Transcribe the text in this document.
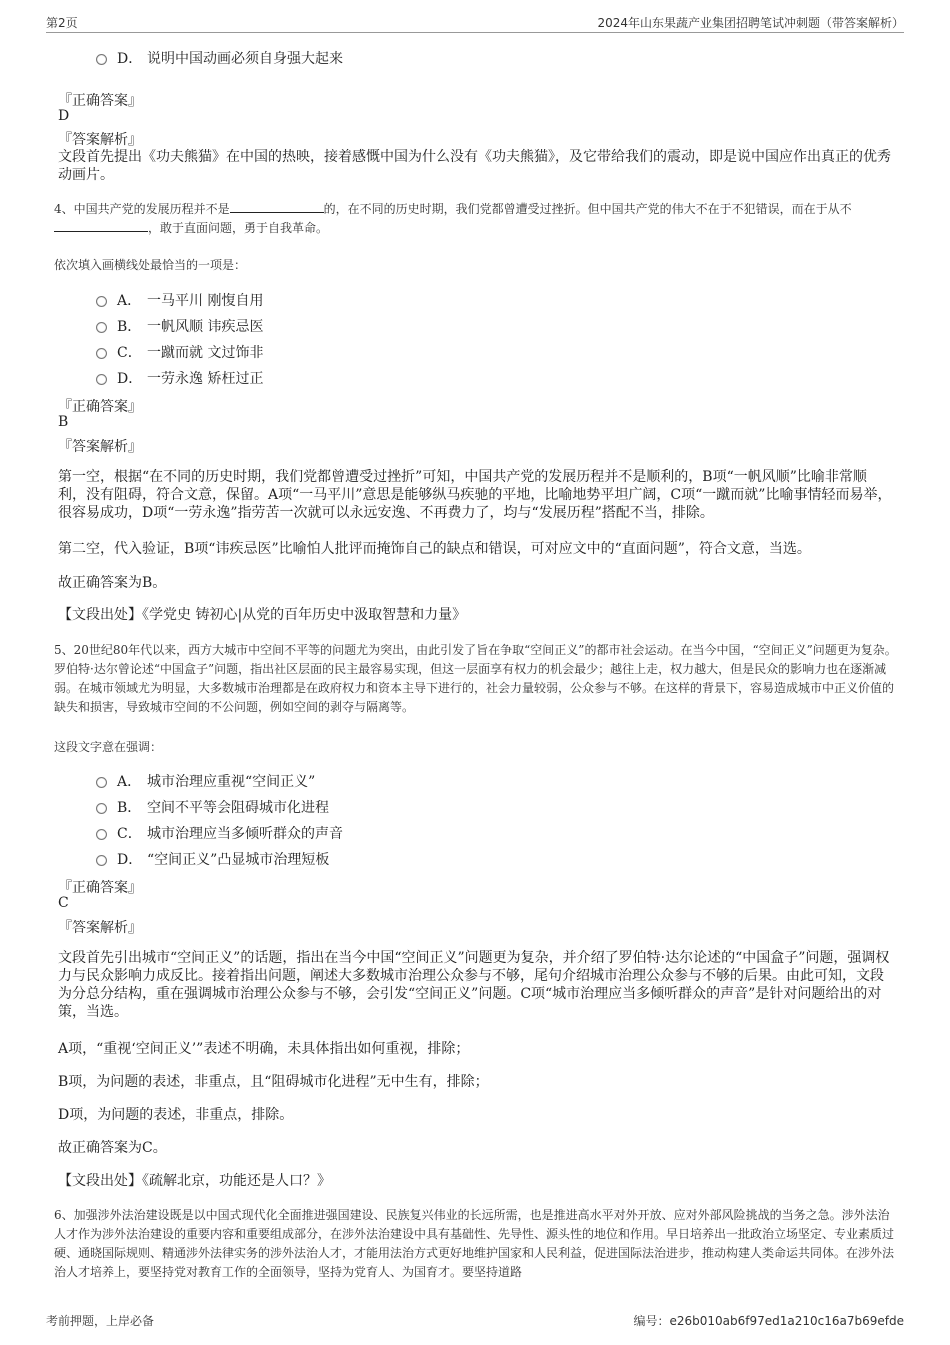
第2页	2024年山东果蔬产业集团招聘笔试冲刺题（带答案解析）
D． 说明中国动画必须自身强大起来
『正确答案』
D
『答案解析』
文段首先提出《功夫熊猫》在中国的热映，接着感慨中国为什么没有《功夫熊猫》，及它带给我们的震动，即是说中国应作出真正的优秀动画片。
4、中国共产党的发展历程并不是	的，在不同的历史时期，我们党都曾遭受过挫折。但中国共产党的伟大不在于不犯错误，而在于从不，敢于直面问题，勇于自我革命。
依次填入画横线处最恰当的一项是：
A． 一马平川 刚愎自用
B． 一帆风顺 讳疾忌医
C． 一蹴而就 文过饰非
D． 一劳永逸 矫枉过正
『正确答案』
B
『答案解析』
第一空，根据“在不同的历史时期，我们党都曾遭受过挫折”可知，中国共产党的发展历程并不是顺利的，B项“一帆风顺”比喻非常顺利，没有阻碍，符合文意，保留。A项“一马平川”意思是能够纵马疾驰的平地，比喻地势平坦广阔，C项“一蹴而就”比喻事情轻而易举，很容易成功，D项“一劳永逸”指劳苦一次就可以永远安逸、不再费力了，均与“发展历程”搭配不当，排除。
第二空，代入验证，B项“讳疾忌医”比喻怕人批评而掩饰自己的缺点和错误，可对应文中的“直面问题”，符合文意，当选。
故正确答案为B。
【文段出处】《学党史 铸初心|从党的百年历史中汲取智慧和力量》
5、20世纪80年代以来，西方大城市中空间不平等的问题尤为突出，由此引发了旨在争取“空间正义”的都市社会运动。在当今中国，“空间正义”问题更为复杂。罗伯特·达尔曾论述“中国盒子”问题，指出社区层面的民主最容易实现，但这一层面享有权力的机会最少；越往上走，权力越大，但是民众的影响力也在逐渐减弱。在城市领域尤为明显，大多数城市治理都是在政府权力和资本主导下进行的，社会力量较弱，公众参与不够。在这样的背景下，容易造成城市中正义价值的缺失和损害，导致城市空间的不公问题，例如空间的剥夺与隔离等。
这段文字意在强调：
A． 城市治理应重视“空间正义”
B． 空间不平等会阻碍城市化进程
C． 城市治理应当多倾听群众的声音
D． “空间正义”凸显城市治理短板
『正确答案』
C
『答案解析』
文段首先引出城市“空间正义”的话题，指出在当今中国“空间正义”问题更为复杂，并介绍了罗伯特·达尔论述的“中国盒子”问题，强调权力与民众影响力成反比。接着指出问题，阐述大多数城市治理公众参与不够，尾句介绍城市治理公众参与不够的后果。由此可知，文段为分总分结构，重在强调城市治理公众参与不够，会引发“空间正义”问题。C项“城市治理应当多倾听群众的声音”是针对问题给出的对策，当选。
A项，“重视‘空间正义’”表述不明确，未具体指出如何重视，排除；
B项，为问题的表述，非重点，且“阻碍城市化进程”无中生有，排除；
D项，为问题的表述，非重点，排除。
故正确答案为C。
【文段出处】《疏解北京，功能还是人口？》
6、加强涉外法治建设既是以中国式现代化全面推进强国建设、民族复兴伟业的长远所需，也是推进高水平对外开放、应对外部风险挑战的当务之急。涉外法治人才作为涉外法治建设的重要内容和重要组成部分，在涉外法治建设中具有基础性、先导性、源头性的地位和作用。早日培养出一批政治立场坚定、专业素质过硬、通晓国际规则、精通涉外法律实务的涉外法治人才，才能用法治方式更好地维护国家和人民利益，促进国际法治进步，推动构建人类命运共同体。在涉外法治人才培养上，要坚持党对教育工作的全面领导，坚持为党育人、为国育才。要坚持道路
考前押题，上岸必备	编号：e26b010ab6f97ed1a210c16a7b69efde
